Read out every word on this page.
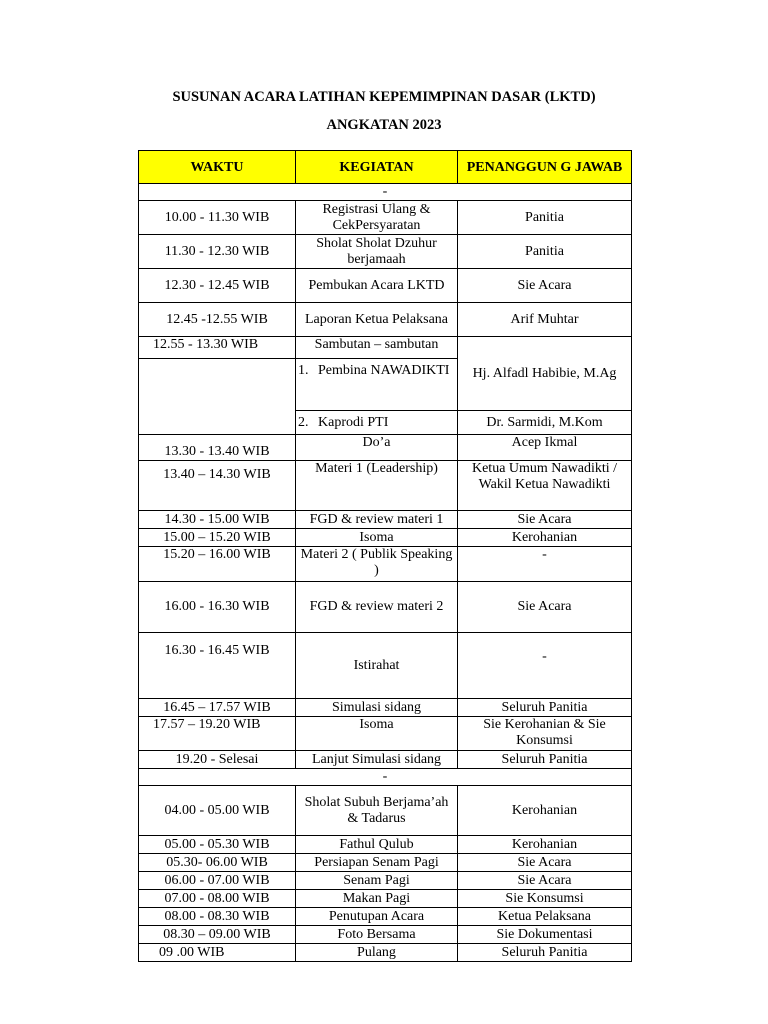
SUSUNAN ACARA LATIHAN KEPEMIMPINAN DASAR (LKTD)
ANGKATAN 2023
WAKTU	KEGIATAN	PENANGGUN G JAWAB
-		
10.00 - 11.30 WIB	Registrasi Ulang & CekPersyaratan	Panitia
11.30 - 12.30 WIB	Sholat Sholat Dzuhur berjamaah	Panitia
12.30 - 12.45 WIB	Pembukan Acara LKTD	Sie Acara
12.45 -12.55 WIB	Laporan Ketua Pelaksana	Arif Muhtar
12.55 - 13.30 WIB	Sambutan – sambutan	Hj. Alfadl Habibie, M.Ag

	1. Pembina NAWADIKTI	

	2. Kaprodi PTI	Dr. Sarmidi, M.Kom
13.30 - 13.40 WIB	Do’a	Acep Ikmal
13.40 – 14.30 WIB	Materi 1 (Leadership)	Ketua Umum Nawadikti / Wakil Ketua Nawadikti
14.30 - 15.00 WIB	FGD & review materi 1	Sie Acara
15.00 – 15.20 WIB	Isoma	Kerohanian
15.20 – 16.00 WIB	Materi 2 ( Publik Speaking )	-
16.00 - 16.30 WIB	FGD & review materi 2	Sie Acara
16.30 - 16.45 WIB	Istirahat	-
16.45 – 17.57 WIB	Simulasi sidang	Seluruh Panitia
17.57 – 19.20 WIB	Isoma	Sie Kerohanian & Sie Konsumsi
19.20 - Selesai	Lanjut Simulasi sidang	Seluruh Panitia
-		
04.00 - 05.00 WIB	Sholat Subuh Berjama’ah & Tadarus	Kerohanian
05.00 - 05.30 WIB	Fathul Qulub	Kerohanian
05.30- 06.00 WIB	Persiapan Senam Pagi	Sie Acara
06.00 - 07.00 WIB	Senam Pagi	Sie Acara
07.00 - 08.00 WIB	Makan Pagi	Sie Konsumsi
08.00 - 08.30 WIB	Penutupan Acara	Ketua Pelaksana
08.30 – 09.00 WIB	Foto Bersama	Sie Dokumentasi
09 .00 WIB	Pulang	Seluruh Panitia
